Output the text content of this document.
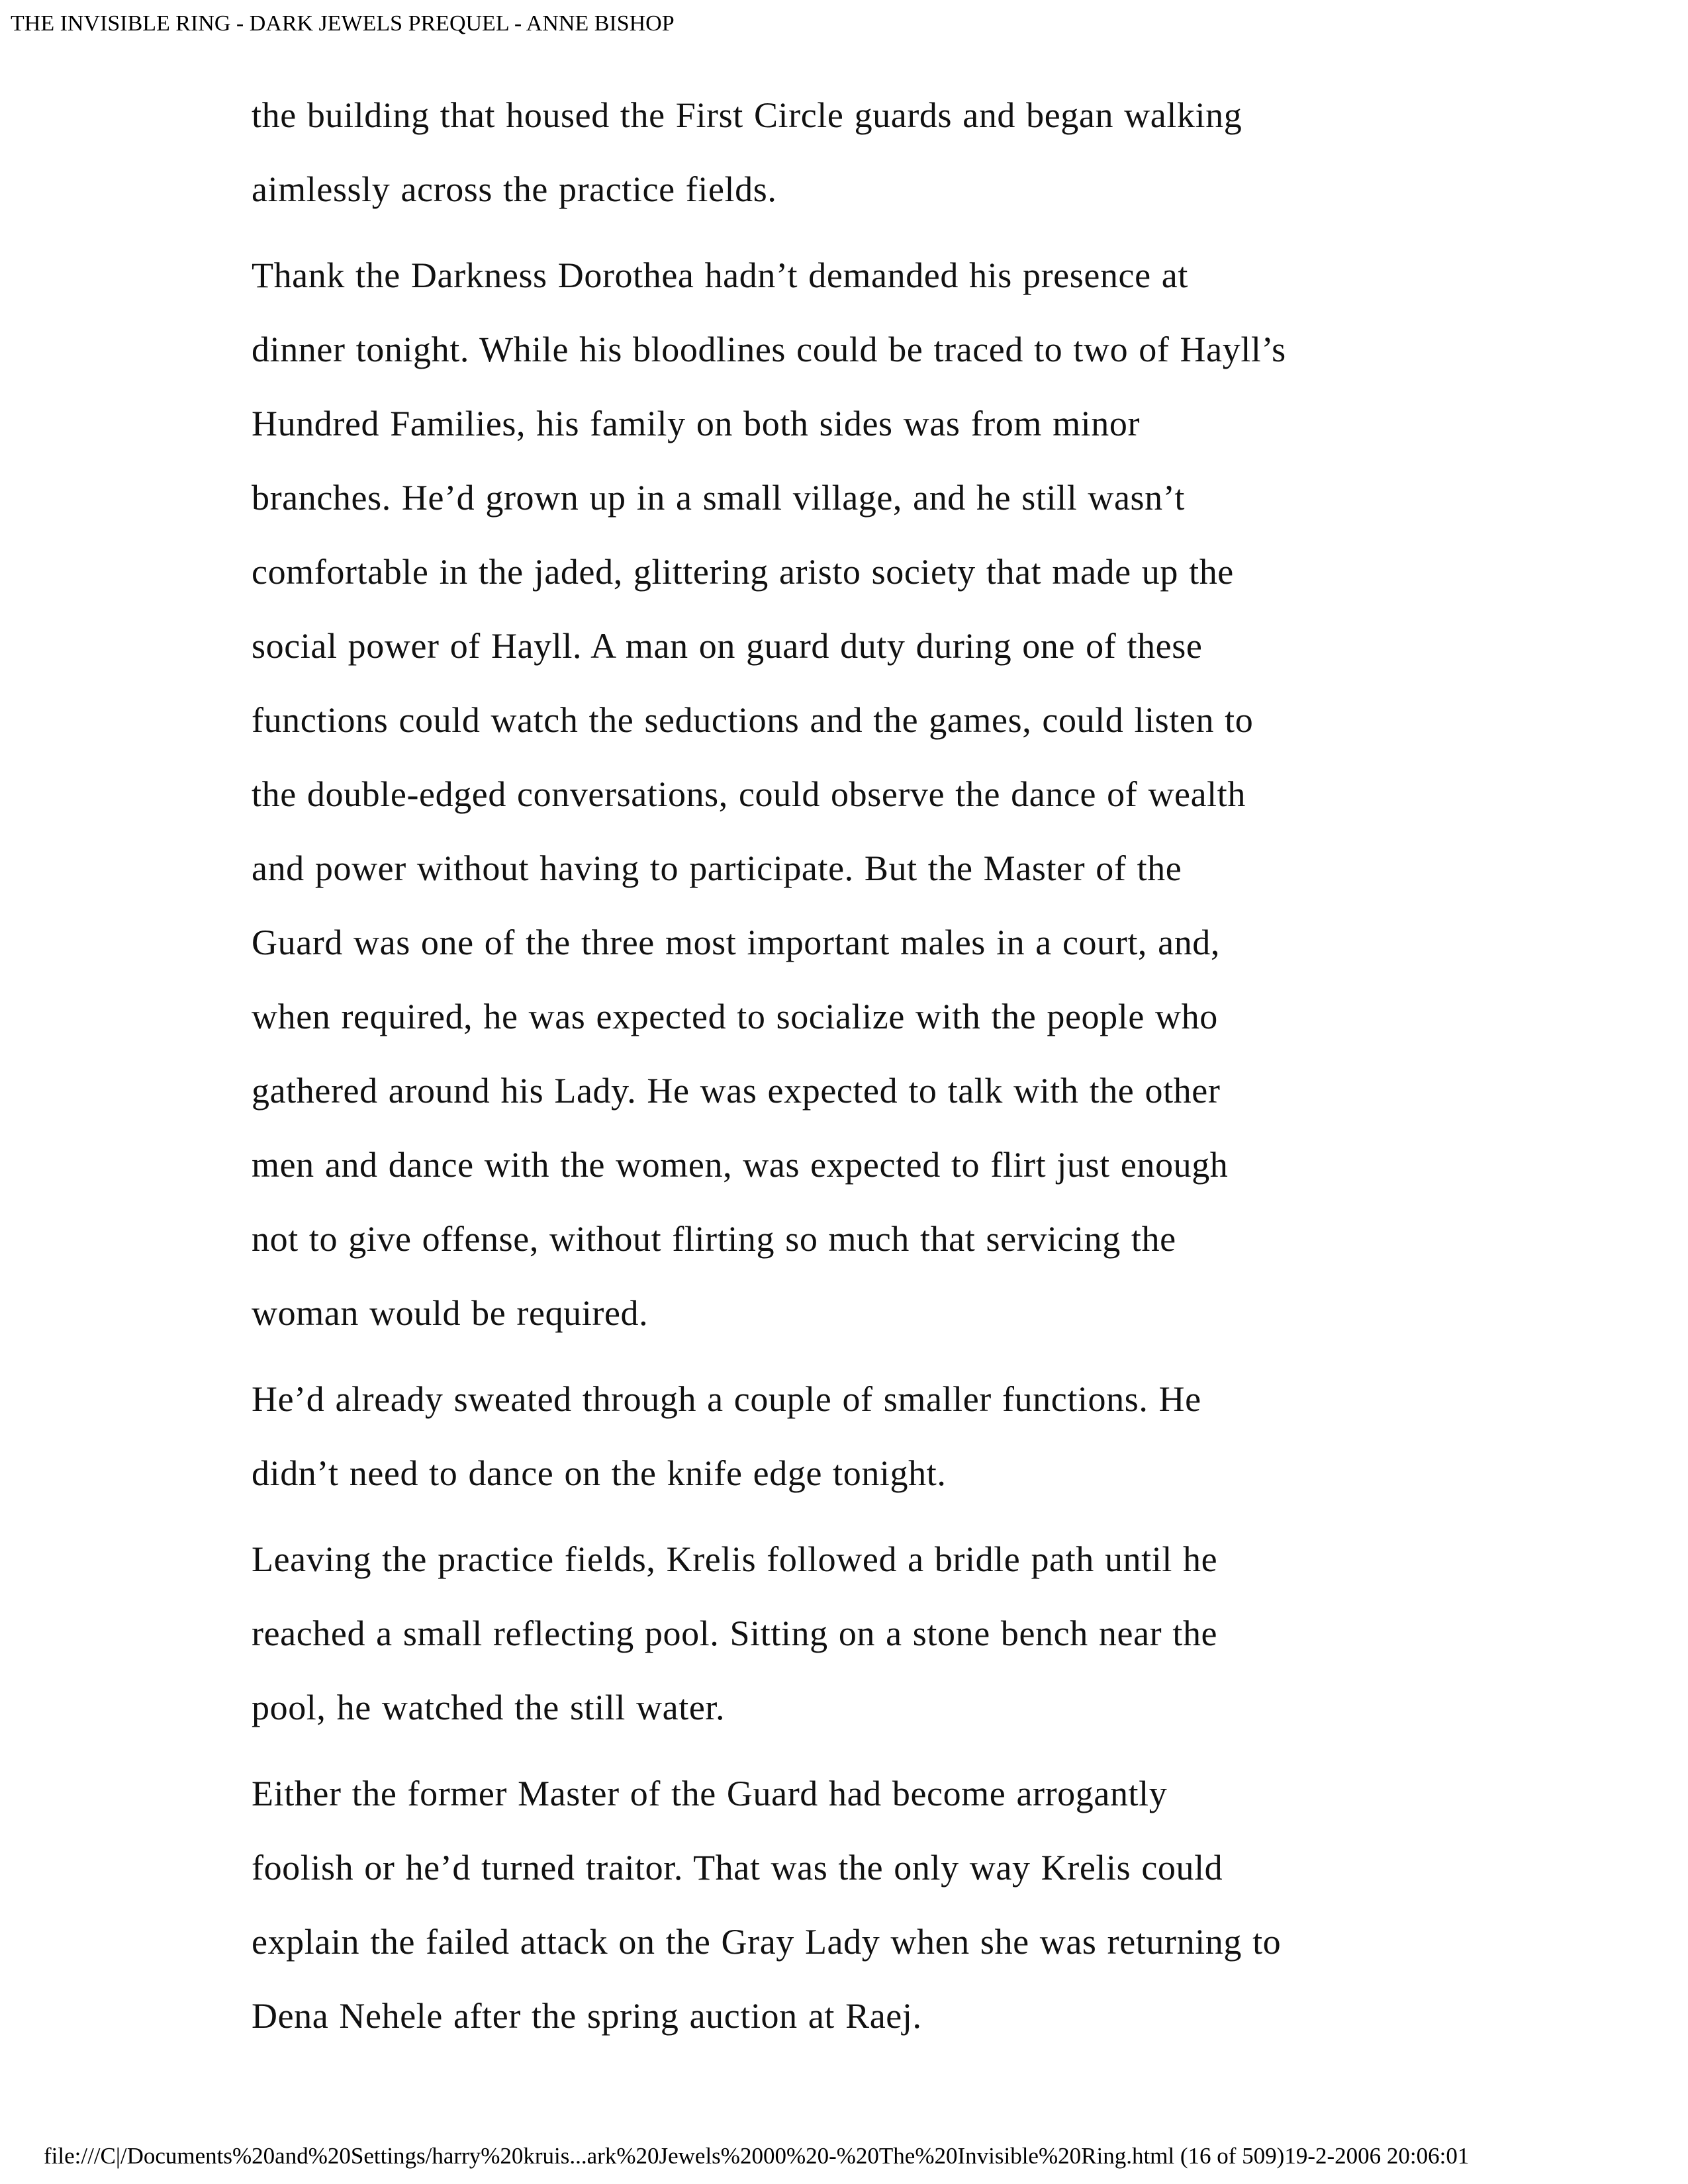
THE INVISIBLE RING - DARK JEWELS PREQUEL - ANNE BISHOP

the building that housed the First Circle guards and began walking
aimlessly across the practice fields.

Thank the Darkness Dorothea hadn’t demanded his presence at
dinner tonight. While his bloodlines could be traced to two of Hayll’s
Hundred Families, his family on both sides was from minor
branches. He’d grown up in a small village, and he still wasn’t
comfortable in the jaded, glittering aristo society that made up the
social power of Hayll. A man on guard duty during one of these
functions could watch the seductions and the games, could listen to
the double-edged conversations, could observe the dance of wealth
and power without having to participate. But the Master of the
Guard was one of the three most important males in a court, and,
when required, he was expected to socialize with the people who
gathered around his Lady. He was expected to talk with the other
men and dance with the women, was expected to flirt just enough
not to give offense, without flirting so much that servicing the
woman would be required.

He’d already sweated through a couple of smaller functions. He
didn’t need to dance on the knife edge tonight.

Leaving the practice fields, Krelis followed a bridle path until he
reached a small reflecting pool. Sitting on a stone bench near the
pool, he watched the still water.

Either the former Master of the Guard had become arrogantly
foolish or he’d turned traitor. That was the only way Krelis could
explain the failed attack on the Gray Lady when she was returning to
Dena Nehele after the spring auction at Raej.

file:///C|/Documents%20and%20Settings/harry%20kruis...ark%20Jewels%2000%20-%20The%20Invisible%20Ring.html (16 of 509)19-2-2006 20:06:01
